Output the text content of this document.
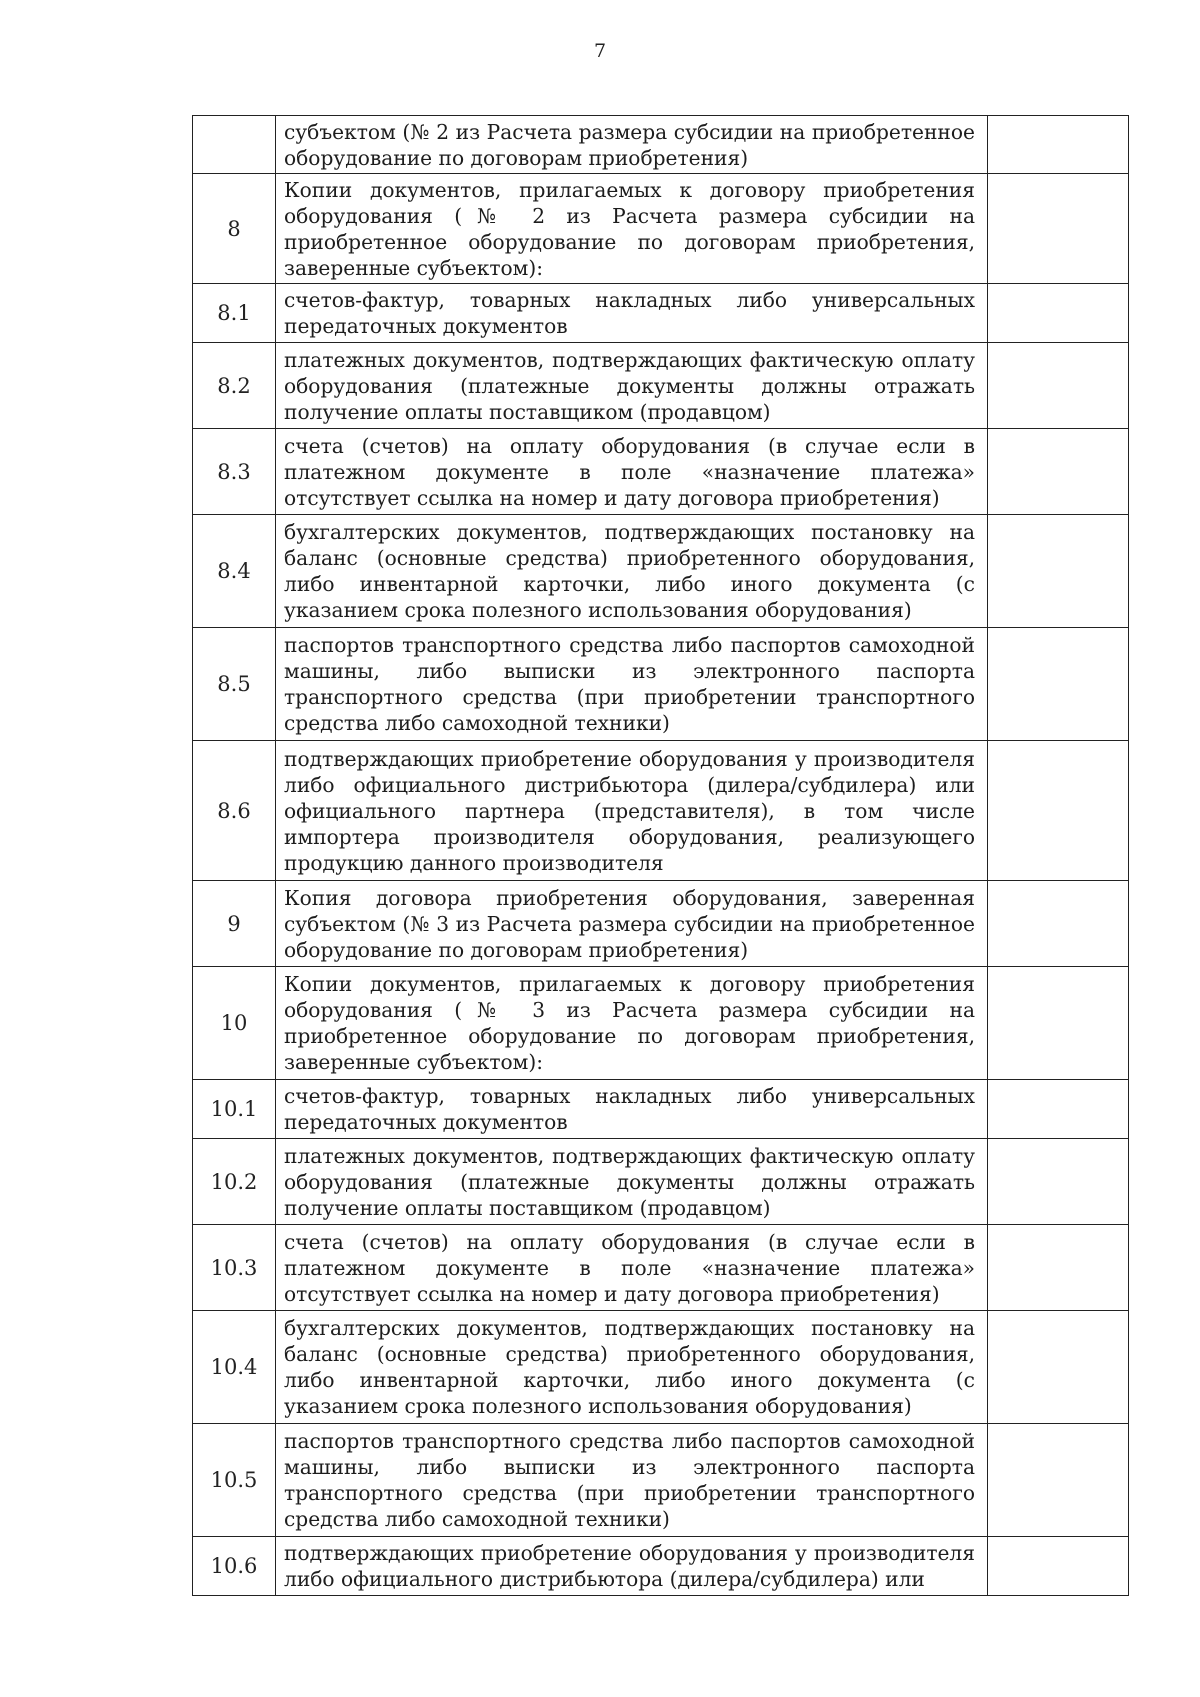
7
	субъектом (№ 2 из Расчета размера субсидии на приобретенное оборудование по договорам приобретения)	
8	Копии документов, прилагаемых к договору приобретения оборудования (№ 2 из Расчета размера субсидии на приобретенное оборудование по договорам приобретения, заверенные субъектом):	
8.1	счетов-фактур, товарных накладных либо универсальных передаточных документов	
8.2	платежных документов, подтверждающих фактическую оплату оборудования (платежные документы должны отражать получение оплаты поставщиком (продавцом)	
8.3	счета (счетов) на оплату оборудования (в случае если в платежном документе в поле «назначение платежа» отсутствует ссылка на номер и дату договора приобретения)	
8.4	бухгалтерских документов, подтверждающих постановку на баланс (основные средства) приобретенного оборудования, либо инвентарной карточки, либо иного документа (с указанием срока полезного использования оборудования)	
8.5	паспортов транспортного средства либо паспортов самоходной машины, либо выписки из электронного паспорта транспортного средства (при приобретении транспортного средства либо самоходной техники)	
8.6	подтверждающих приобретение оборудования у производителя либо официального дистрибьютора (дилера/субдилера) или официального партнера (представителя), в том числе импортера производителя оборудования, реализующего продукцию данного производителя	
9	Копия договора приобретения оборудования, заверенная субъектом (№ 3 из Расчета размера субсидии на приобретенное оборудование по договорам приобретения)	
10	Копии документов, прилагаемых к договору приобретения оборудования (№ 3 из Расчета размера субсидии на приобретенное оборудование по договорам приобретения, заверенные субъектом):	
10.1	счетов-фактур, товарных накладных либо универсальных передаточных документов	
10.2	платежных документов, подтверждающих фактическую оплату оборудования (платежные документы должны отражать получение оплаты поставщиком (продавцом)	
10.3	счета (счетов) на оплату оборудования (в случае если в платежном документе в поле «назначение платежа» отсутствует ссылка на номер и дату договора приобретения)	
10.4	бухгалтерских документов, подтверждающих постановку на баланс (основные средства) приобретенного оборудования, либо инвентарной карточки, либо иного документа (с указанием срока полезного использования оборудования)	
10.5	паспортов транспортного средства либо паспортов самоходной машины, либо выписки из электронного паспорта транспортного средства (при приобретении транспортного средства либо самоходной техники)	
10.6	подтверждающих приобретение оборудования у производителя либо официального дистрибьютора (дилера/субдилера) или	
